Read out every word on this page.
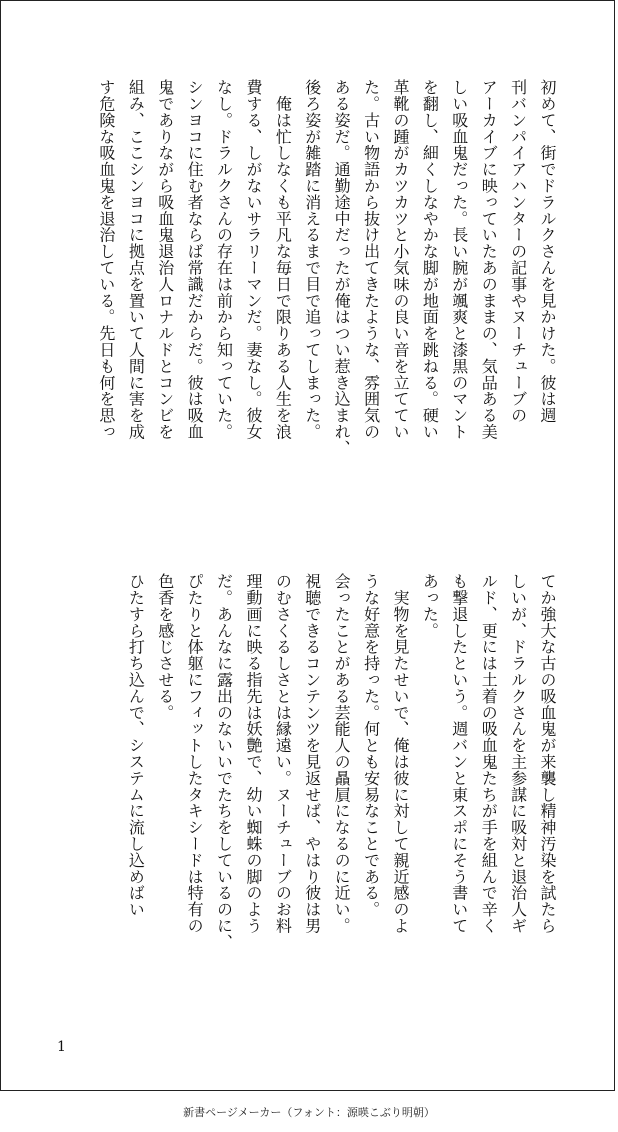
初めて、街でドラルクさんを見かけた。彼は週
刊バンパイアハンターの記事やヌーチューブの
アーカイブに映っていたあのままの、気品ある美
しい吸血鬼だった。長い腕が颯爽と漆黒のマント
を翻し、細くしなやかな脚が地面を跳ねる。硬い
革靴の踵がカツカツと小気味の良い音を立ててい
た。古い物語から抜け出てきたような、雰囲気の
ある姿だ。通勤途中だったが俺はつい惹き込まれ、
後ろ姿が雑踏に消えるまで目で追ってしまった。
　俺は忙しなくも平凡な毎日で限りある人生を浪
費する、しがないサラリーマンだ。妻なし。彼女
なし。ドラルクさんの存在は前から知っていた。
シンヨコに住む者ならば常識だからだ。彼は吸血
鬼でありながら吸血鬼退治人ロナルドとコンビを
組み、ここシンヨコに拠点を置いて人間に害を成
す危険な吸血鬼を退治している。先日も何を思っ
てか強大な古の吸血鬼が来襲し精神汚染を試たら
しいが、ドラルクさんを主参謀に吸対と退治人ギ
ルド、更には土着の吸血鬼たちが手を組んで辛く
も撃退したという。週バンと東スポにそう書いて
あった。
　実物を見たせいで、俺は彼に対して親近感のよ
うな好意を持った。何とも安易なことである。
会ったことがある芸能人の贔屓になるのに近い。
視聴できるコンテンツを見返せば、やはり彼は男
のむさくるしさとは縁遠い。ヌーチューブのお料
理動画に映る指先は妖艶で、幼い蜘蛛の脚のよう
だ。あんなに露出のないいでたちをしているのに、
ぴたりと体躯にフィットしたタキシードは特有の
色香を感じさせる。
ひたすら打ち込んで、システムに流し込めばい
1
新書ページメーカー（フォント：源暎こぶり明朝）
